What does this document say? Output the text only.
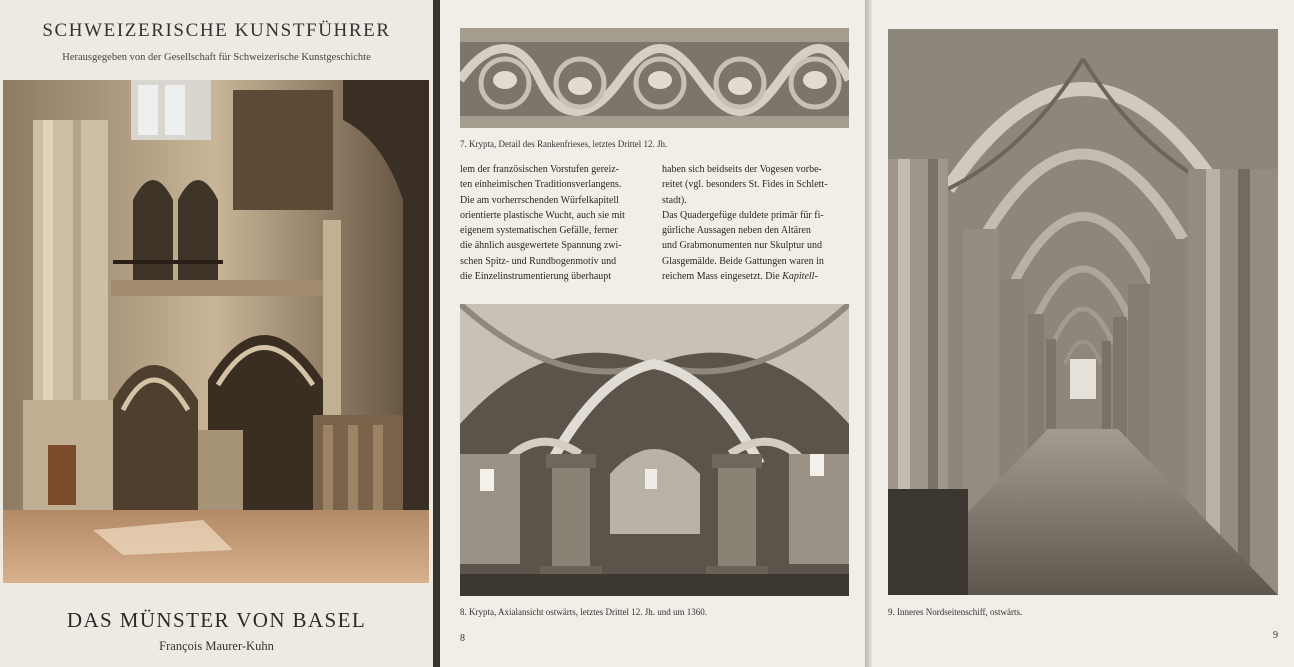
SCHWEIZERISCHE KUNSTFÜHRER
Herausgegeben von der Gesellschaft für Schweizerische Kunstgeschichte
DAS MÜNSTER VON BASEL
François Maurer-Kuhn
7. Krypta, Detail des Rankenfrieses, letztes Drittel 12. Jh.

lem der französischen Vorstufen gereiz-

ten einheimischen Traditionsverlangens.

Die am vorherrschenden Würfelkapitell

orientierte plastische Wucht, auch sie mit

eigenem systematischen Gefälle, ferner

die ähnlich ausgewertete Spannung zwi-

schen Spitz- und Rundbogenmotiv und

die Einzelinstrumentierung überhaupt

haben sich beidseits der Vogesen vorbe-

reitet (vgl. besonders St. Fides in Schlett-

stadt).

Das Quadergefüge duldete primär für fi-

gürliche Aussagen neben den Altären

und Grabmonumenten nur Skulptur und

Glasgemälde. Beide Gattungen waren in

reichem Mass eingesetzt. Die Kapitell-

8. Krypta, Axialansicht ostwärts, letztes Drittel 12. Jh. und um 1360.
8
9. Inneres Nordseitenschiff, ostwärts.
9
